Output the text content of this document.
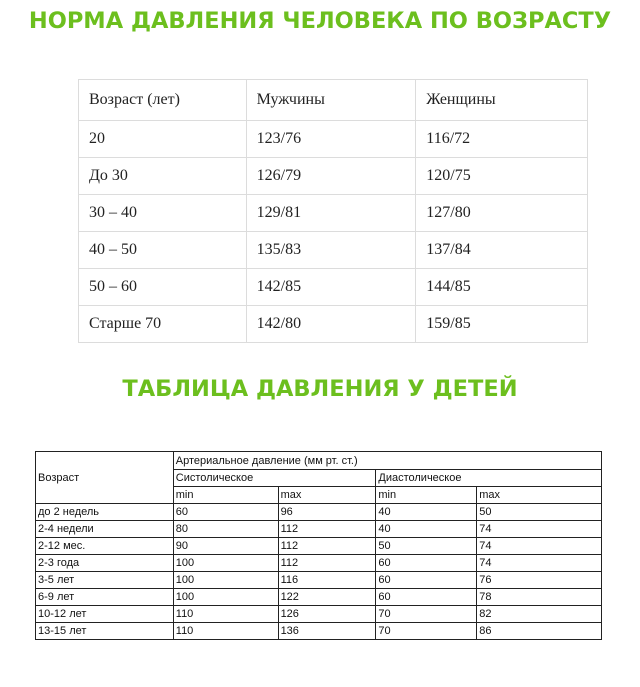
НОРМА ДАВЛЕНИЯ ЧЕЛОВЕКА ПО ВОЗРАСТУ
Возраст (лет)	Мужчины	Женщины
20	123/76	116/72
До 30	126/79	120/75
30 – 40	129/81	127/80
40 – 50	135/83	137/84
50 – 60	142/85	144/85
Старше 70	142/80	159/85
ТАБЛИЦА ДАВЛЕНИЯ У ДЕТЕЙ
Возраст	Артериальное давление (мм рт. ст.)			
	Систолическое		Диастолическое	
	min	max	min	max
до 2 недель	60	96	40	50
2-4 недели	80	112	40	74
2-12 мес.	90	112	50	74
2-3 года	100	112	60	74
3-5 лет	100	116	60	76
6-9 лет	100	122	60	78
10-12 лет	110	126	70	82
13-15 лет	110	136	70	86
